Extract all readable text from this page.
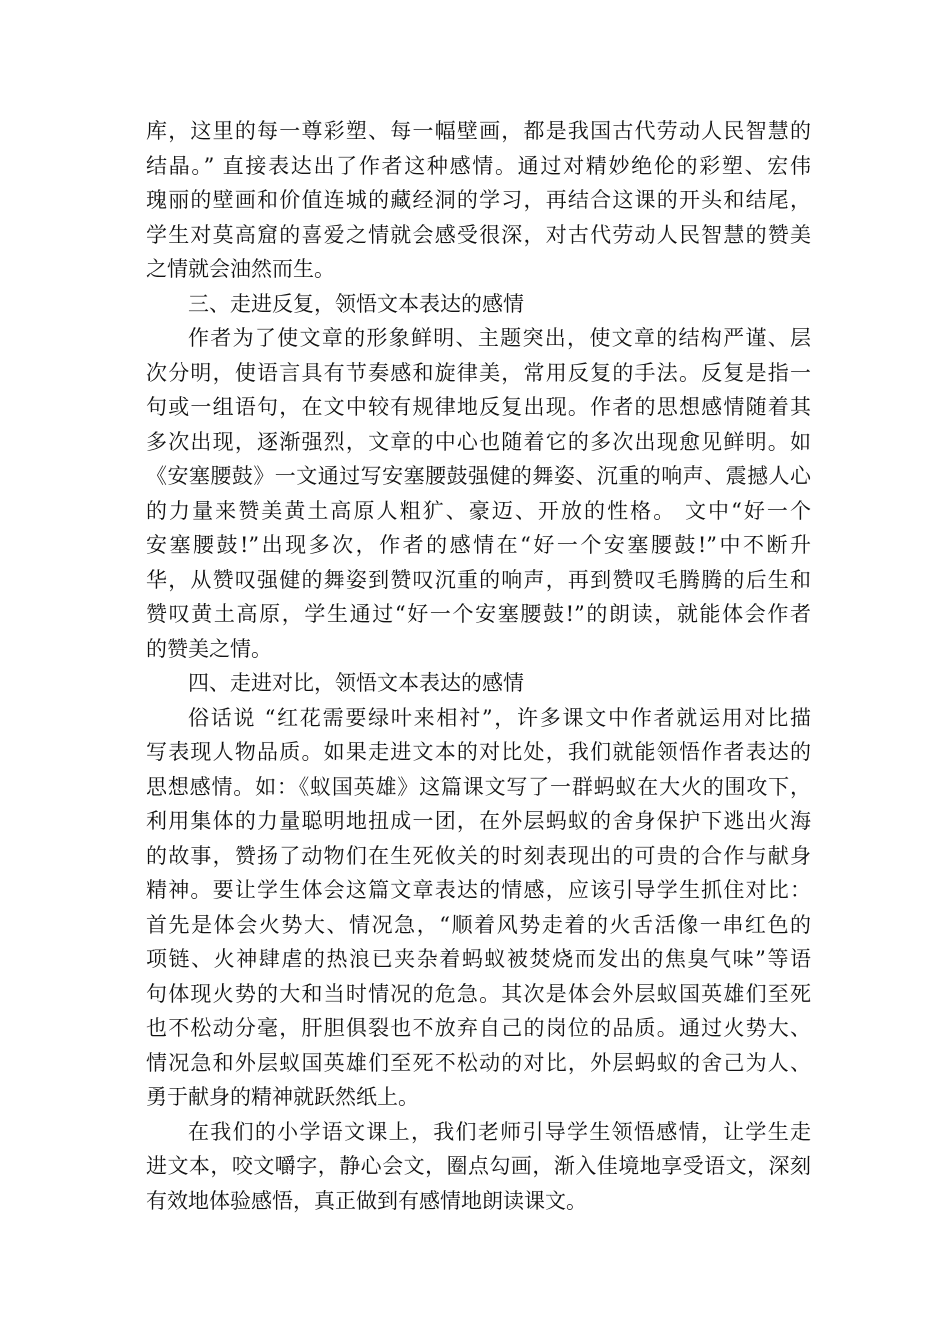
库，这里的每一尊彩塑、每一幅壁画，都是我国古代劳动人民智慧的
结晶。” 直接表达出了作者这种感情。通过对精妙绝伦的彩塑、宏伟
瑰丽的壁画和价值连城的藏经洞的学习，再结合这课的开头和结尾，
学生对莫高窟的喜爱之情就会感受很深，对古代劳动人民智慧的赞美
之情就会油然而生。
三、走进反复，领悟文本表达的感情
作者为了使文章的形象鲜明、主题突出，使文章的结构严谨、层
次分明，使语言具有节奏感和旋律美，常用反复的手法。反复是指一
句或一组语句，在文中较有规律地反复出现。作者的思想感情随着其
多次出现，逐渐强烈，文章的中心也随着它的多次出现愈见鲜明。如
《安塞腰鼓》一文通过写安塞腰鼓强健的舞姿、沉重的响声、震撼人心
的力量来赞美黄土高原人粗犷、豪迈、开放的性格。 文中“好一个
安塞腰鼓!”出现多次，作者的感情在“好一个安塞腰鼓!”中不断升
华，从赞叹强健的舞姿到赞叹沉重的响声，再到赞叹毛腾腾的后生和
赞叹黄土高原，学生通过“好一个安塞腰鼓!”的朗读，就能体会作者
的赞美之情。
四、走进对比，领悟文本表达的感情
俗话说 “红花需要绿叶来相衬”，许多课文中作者就运用对比描
写表现人物品质。如果走进文本的对比处，我们就能领悟作者表达的
思想感情。如：《蚁国英雄》这篇课文写了一群蚂蚁在大火的围攻下，
利用集体的力量聪明地扭成一团，在外层蚂蚁的舍身保护下逃出火海
的故事，赞扬了动物们在生死攸关的时刻表现出的可贵的合作与献身
精神。要让学生体会这篇文章表达的情感，应该引导学生抓住对比：
首先是体会火势大、情况急，“顺着风势走着的火舌活像一串红色的
项链、火神肆虐的热浪已夹杂着蚂蚁被焚烧而发出的焦臭气味”等语
句体现火势的大和当时情况的危急。其次是体会外层蚁国英雄们至死
也不松动分毫，肝胆俱裂也不放弃自己的岗位的品质。通过火势大、
情况急和外层蚁国英雄们至死不松动的对比，外层蚂蚁的舍己为人、
勇于献身的精神就跃然纸上。
在我们的小学语文课上，我们老师引导学生领悟感情，让学生走
进文本，咬文嚼字，静心会文，圈点勾画，渐入佳境地享受语文，深刻
有效地体验感悟，真正做到有感情地朗读课文。
